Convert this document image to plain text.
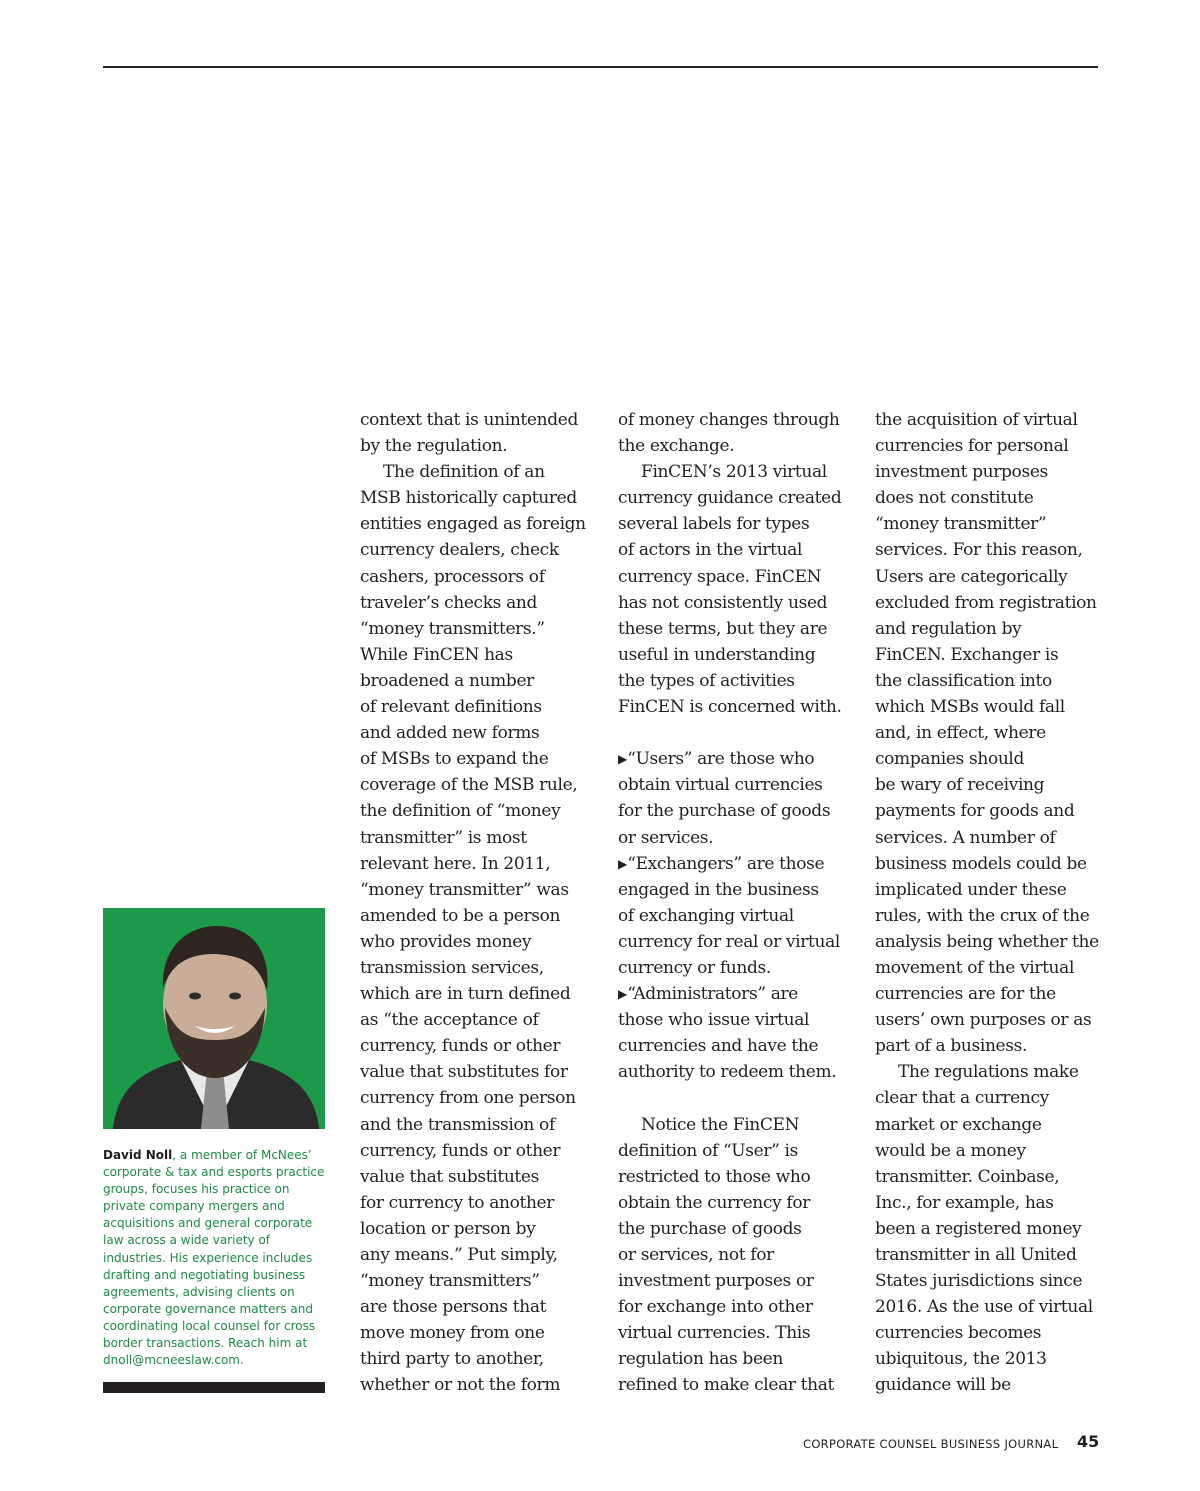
David Noll, a member of McNees’ corporate & tax and esports practice groups, focuses his practice on private company mergers and acquisitions and general corporate law across a wide variety of industries. His experience includes drafting and negotiating business agreements, advising clients on corporate governance matters and coordinating local counsel for cross border transactions. Reach him at dnoll@mcneeslaw.com.
context that is unintended
by the regulation.
The definition of an
MSB historically captured
entities engaged as foreign
currency dealers, check
cashers, processors of
traveler’s checks and
“money transmitters.”
While FinCEN has
broadened a number
of relevant definitions
and added new forms
of MSBs to expand the
coverage of the MSB rule,
the definition of “money
transmitter” is most
relevant here. In 2011,
“money transmitter” was
amended to be a person
who provides money
transmission services,
which are in turn defined
as “the acceptance of
currency, funds or other
value that substitutes for
currency from one person
and the transmission of
currency, funds or other
value that substitutes
for currency to another
location or person by
any means.” Put simply,
“money transmitters”
are those persons that
move money from one
third party to another,
whether or not the form
of money changes through
the exchange.
FinCEN’s 2013 virtual
currency guidance created
several labels for types
of actors in the virtual
currency space. FinCEN
has not consistently used
these terms, but they are
useful in understanding
the types of activities
FinCEN is concerned with.
▶“Users” are those who
obtain virtual currencies
for the purchase of goods
or services.
▶“Exchangers” are those
engaged in the business
of exchanging virtual
currency for real or virtual
currency or funds.
▶“Administrators” are
those who issue virtual
currencies and have the
authority to redeem them.
Notice the FinCEN
definition of “User” is
restricted to those who
obtain the currency for
the purchase of goods
or services, not for
investment purposes or
for exchange into other
virtual currencies. This
regulation has been
refined to make clear that
the acquisition of virtual
currencies for personal
investment purposes
does not constitute
“money transmitter”
services. For this reason,
Users are categorically
excluded from registration
and regulation by
FinCEN. Exchanger is
the classification into
which MSBs would fall
and, in effect, where
companies should
be wary of receiving
payments for goods and
services. A number of
business models could be
implicated under these
rules, with the crux of the
analysis being whether the
movement of the virtual
currencies are for the
users’ own purposes or as
part of a business.
The regulations make
clear that a currency
market or exchange
would be a money
transmitter. Coinbase,
Inc., for example, has
been a registered money
transmitter in all United
States jurisdictions since
2016. As the use of virtual
currencies becomes
ubiquitous, the 2013
guidance will be
CORPORATE COUNSEL BUSINESS JOURNAL 45
